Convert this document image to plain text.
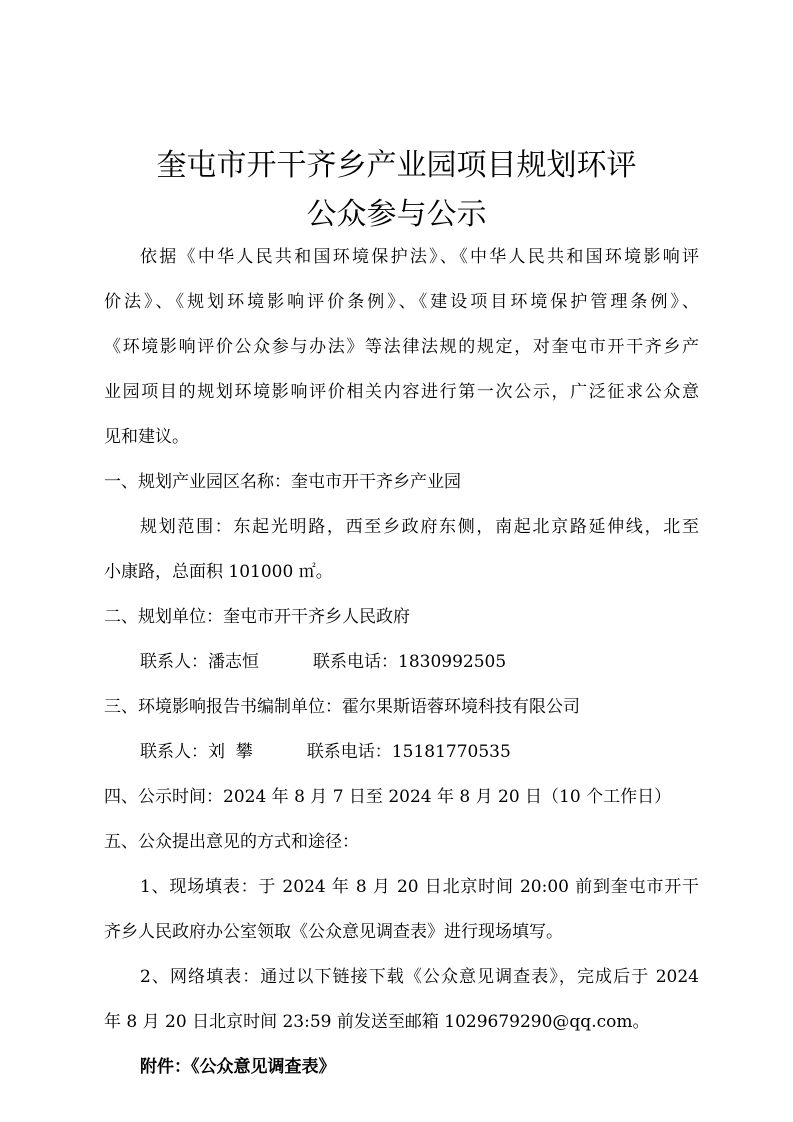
奎屯市开干齐乡产业园项目规划环评
公众参与公示

依据《中华人民共和国环境保护法》、《中华人民共和国环境影响评

价法》、《规划环境影响评价条例》、《建设项目环境保护管理条例》、

《环境影响评价公众参与办法》等法律法规的规定，对奎屯市开干齐乡产

业园项目的规划环境影响评价相关内容进行第一次公示，广泛征求公众意

见和建议。

一、规划产业园区名称：奎屯市开干齐乡产业园

规划范围：东起光明路，西至乡政府东侧，南起北京路延伸线，北至

小康路，总面积 101000 ㎡。

二、规划单位：奎屯市开干齐乡人民政府

联系人：潘志恒	联系电话：1830992505

三、环境影响报告书编制单位：霍尔果斯语蓉环境科技有限公司

联系人：刘  攀	联系电话：15181770535

四、公示时间：2024 年 8 月 7 日至 2024 年 8 月 20 日（10 个工作日）

五、公众提出意见的方式和途径：

1、现场填表：于 2024 年 8 月 20 日北京时间 20:00 前到奎屯市开干

齐乡人民政府办公室领取《公众意见调查表》进行现场填写。

2、网络填表：通过以下链接下载《公众意见调查表》，完成后于 2024

年 8 月 20 日北京时间 23:59 前发送至邮箱 1029679290@qq.com。

附件：《公众意见调查表》
